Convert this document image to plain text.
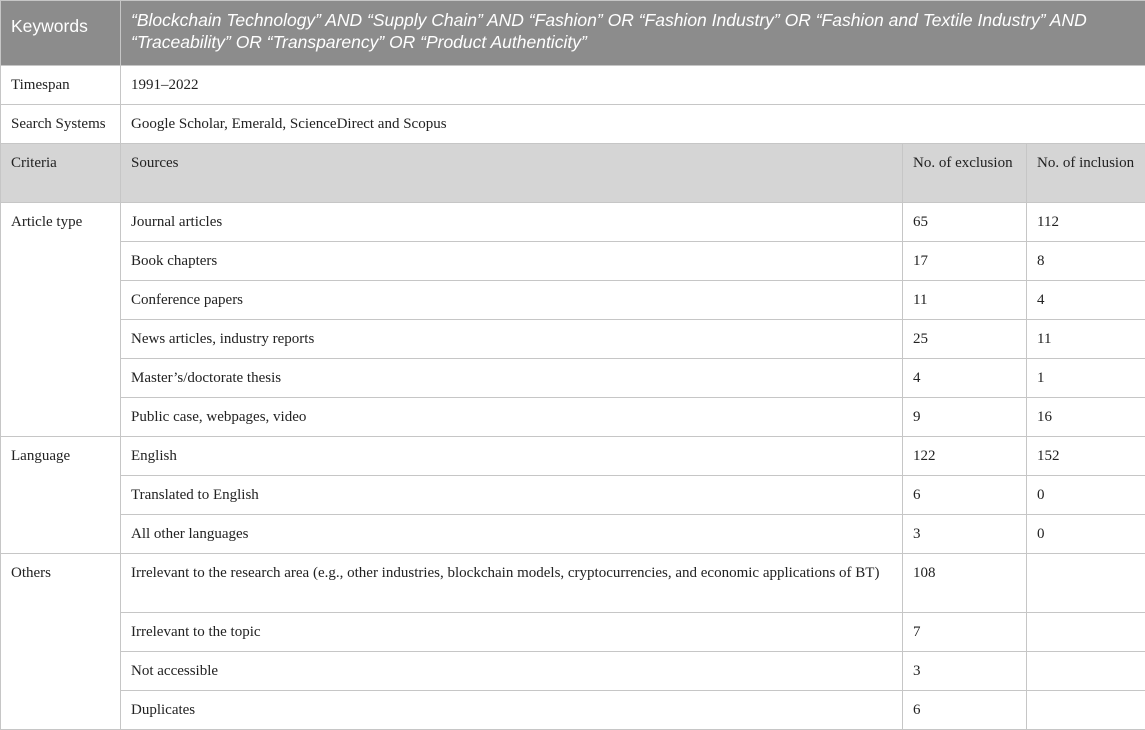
Keywords	“Blockchain Technology” AND “Supply Chain” AND “Fashion” OR “Fashion Industry” OR “Fashion and Textile Industry” AND “Traceability” OR “Transparency” OR “Product Authenticity”		
Timespan	1991–2022		
Search Systems	Google Scholar, Emerald, ScienceDirect and Scopus		
Criteria	Sources	No. of exclusion	No. of inclusion
Article type	Journal articles	65	112
	Book chapters	17	8
	Conference papers	11	4
	News articles, industry reports	25	11
	Master’s/doctorate thesis	4	1
	Public case, webpages, video	9	16
Language	English	122	152
	Translated to English	6	0
	All other languages	3	0
Others	Irrelevant to the research area (e.g., other industries, blockchain models, cryptocurrencies, and economic applications of BT)	108	
	Irrelevant to the topic	7	
	Not accessible	3	
	Duplicates	6	
